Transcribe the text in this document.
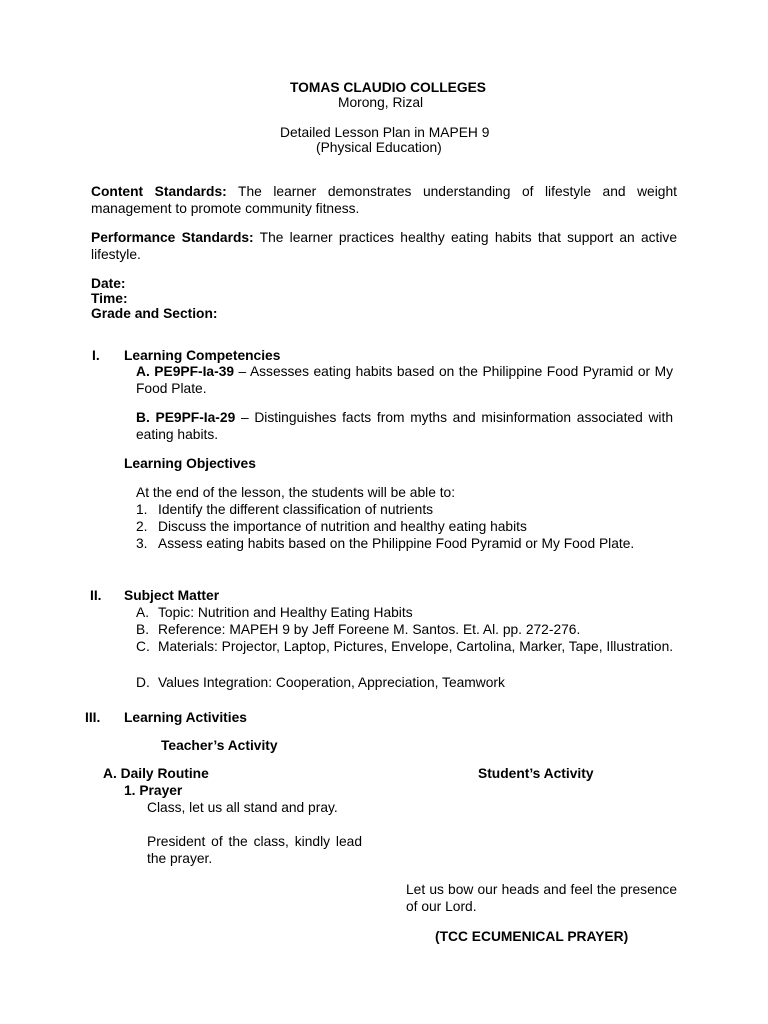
TOMAS CLAUDIO COLLEGES
Morong, Rizal
Detailed Lesson Plan in MAPEH 9
(Physical Education)
Content Standards: The learner demonstrates understanding of lifestyle and weight management to promote community fitness.
Performance Standards: The learner practices healthy eating habits that support an active lifestyle.
Date:
Time:
Grade and Section:
I. Learning Competencies
A. PE9PF-Ia-39 – Assesses eating habits based on the Philippine Food Pyramid or My Food Plate.
B. PE9PF-Ia-29 – Distinguishes facts from myths and misinformation associated with eating habits.
Learning Objectives
At the end of the lesson, the students will be able to:
1. Identify the different classification of nutrients
2. Discuss the importance of nutrition and healthy eating habits
3. Assess eating habits based on the Philippine Food Pyramid or My Food Plate.
II. Subject Matter
A. Topic: Nutrition and Healthy Eating Habits
B. Reference: MAPEH 9 by Jeff Foreene M. Santos. Et. Al. pp. 272-276.
C. Materials: Projector, Laptop, Pictures, Envelope, Cartolina, Marker, Tape, Illustration.
D. Values Integration: Cooperation, Appreciation, Teamwork
III. Learning Activities
Teacher’s Activity
A. Daily Routine	Student’s Activity
1. Prayer
Class, let us all stand and pray.
President of the class, kindly lead the prayer.
Let us bow our heads and feel the presence of our Lord.
(TCC ECUMENICAL PRAYER)
